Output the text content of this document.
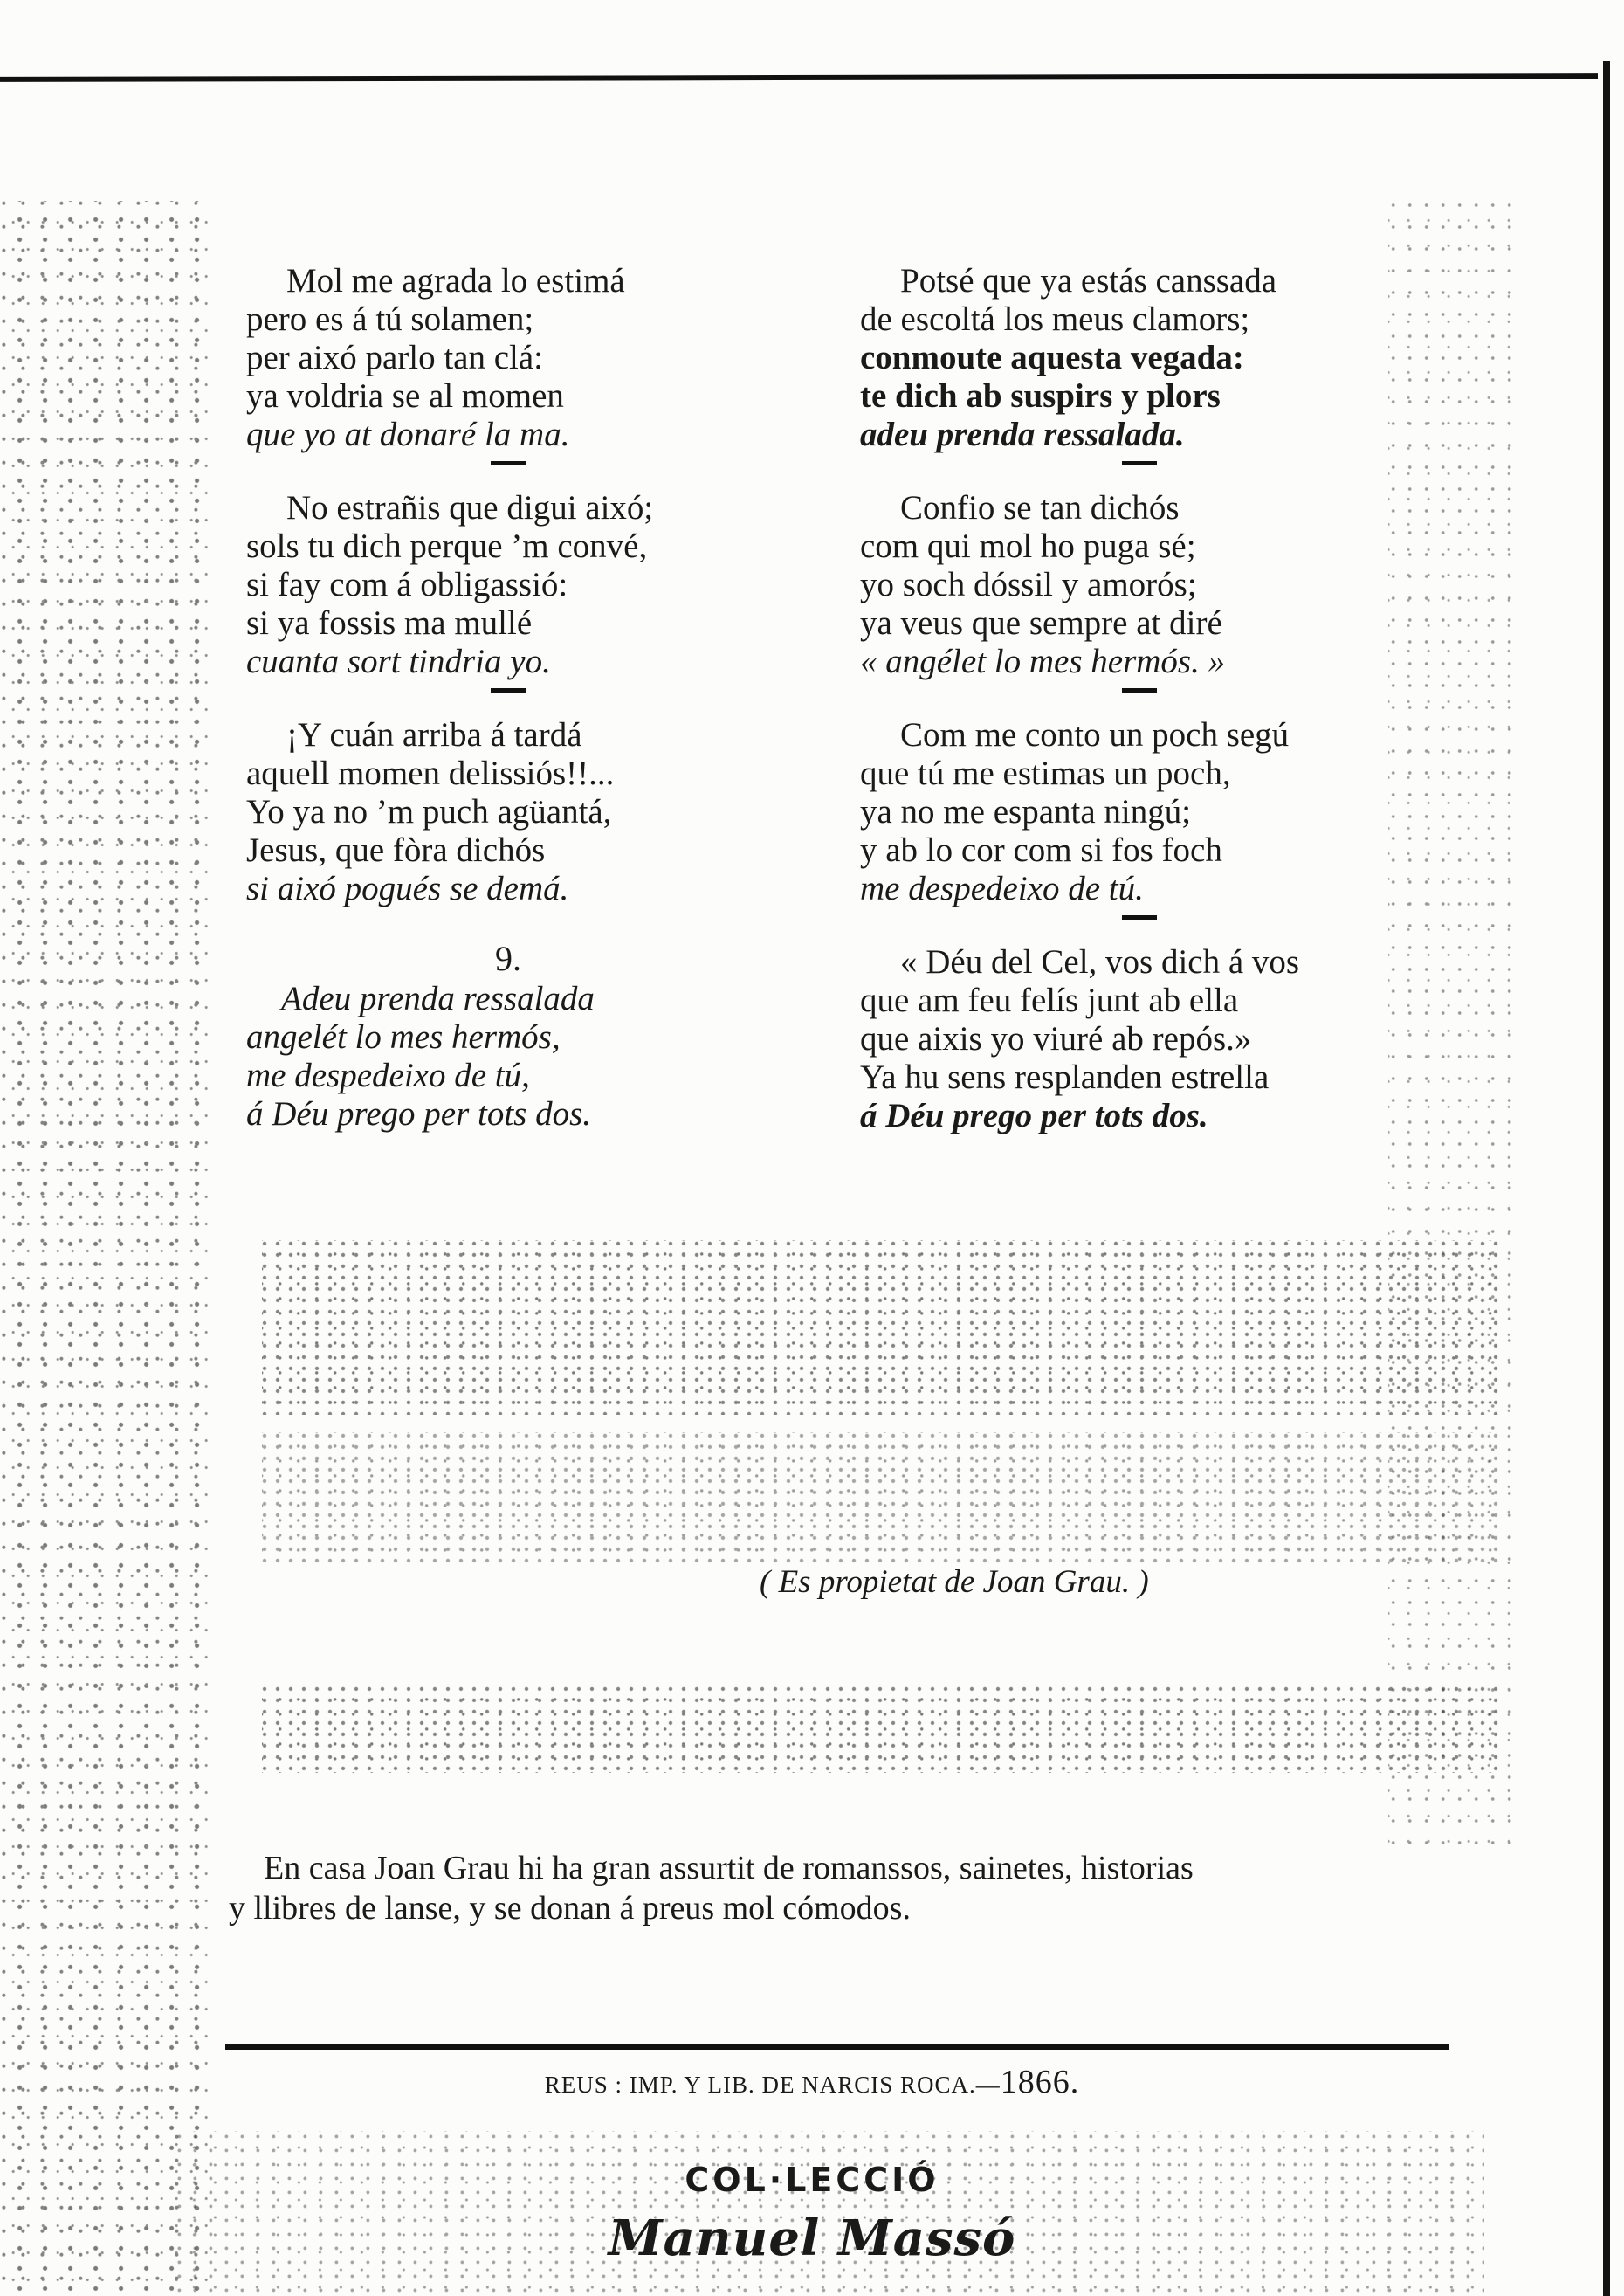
Mol me agrada lo estimá
pero es á tú solamen;
per aixó parlo tan clá:
ya voldria se al momen
que yo at donaré la ma.
No estrañis que digui aixó;
sols tu dich perque ’m convé,
si fay com á obligassió:
si ya fossis ma mullé
cuanta sort tindria yo.
¡Y cuán arriba á tardá
aquell momen delissiós!!...
Yo ya no ’m puch agüantá,
Jesus, que fòra dichós
si aixó pogués se demá.
9.
Adeu prenda ressalada
angelét lo mes hermós,
me despedeixo de tú,
á Déu prego per tots dos.
Potsé que ya estás canssada
de escoltá los meus clamors;
conmoute aquesta vegada:
te dich ab suspirs y plors
adeu prenda ressalada.
Confio se tan dichós
com qui mol ho puga sé;
yo soch dóssil y amorós;
ya veus que sempre at diré
« angélet lo mes hermós. »
Com me conto un poch segú
que tú me estimas un poch,
ya no me espanta ningú;
y ab lo cor com si fos foch
me despedeixo de tú.
« Déu del Cel, vos dich á vos
que am feu felís junt ab ella
que aixis yo viuré ab repós.»
Ya hu sens resplanden estrella
á Déu prego per tots dos.
( Es propietat de Joan Grau. )
En casa Joan Grau hi ha gran assurtit de romanssos, sainetes, historias
y llibres de lanse, y se donan á preus mol cómodos.
REUS : IMP. Y LIB. DE NARCIS ROCA.—1866.
COL·LECCIÓ
Manuel Massó
